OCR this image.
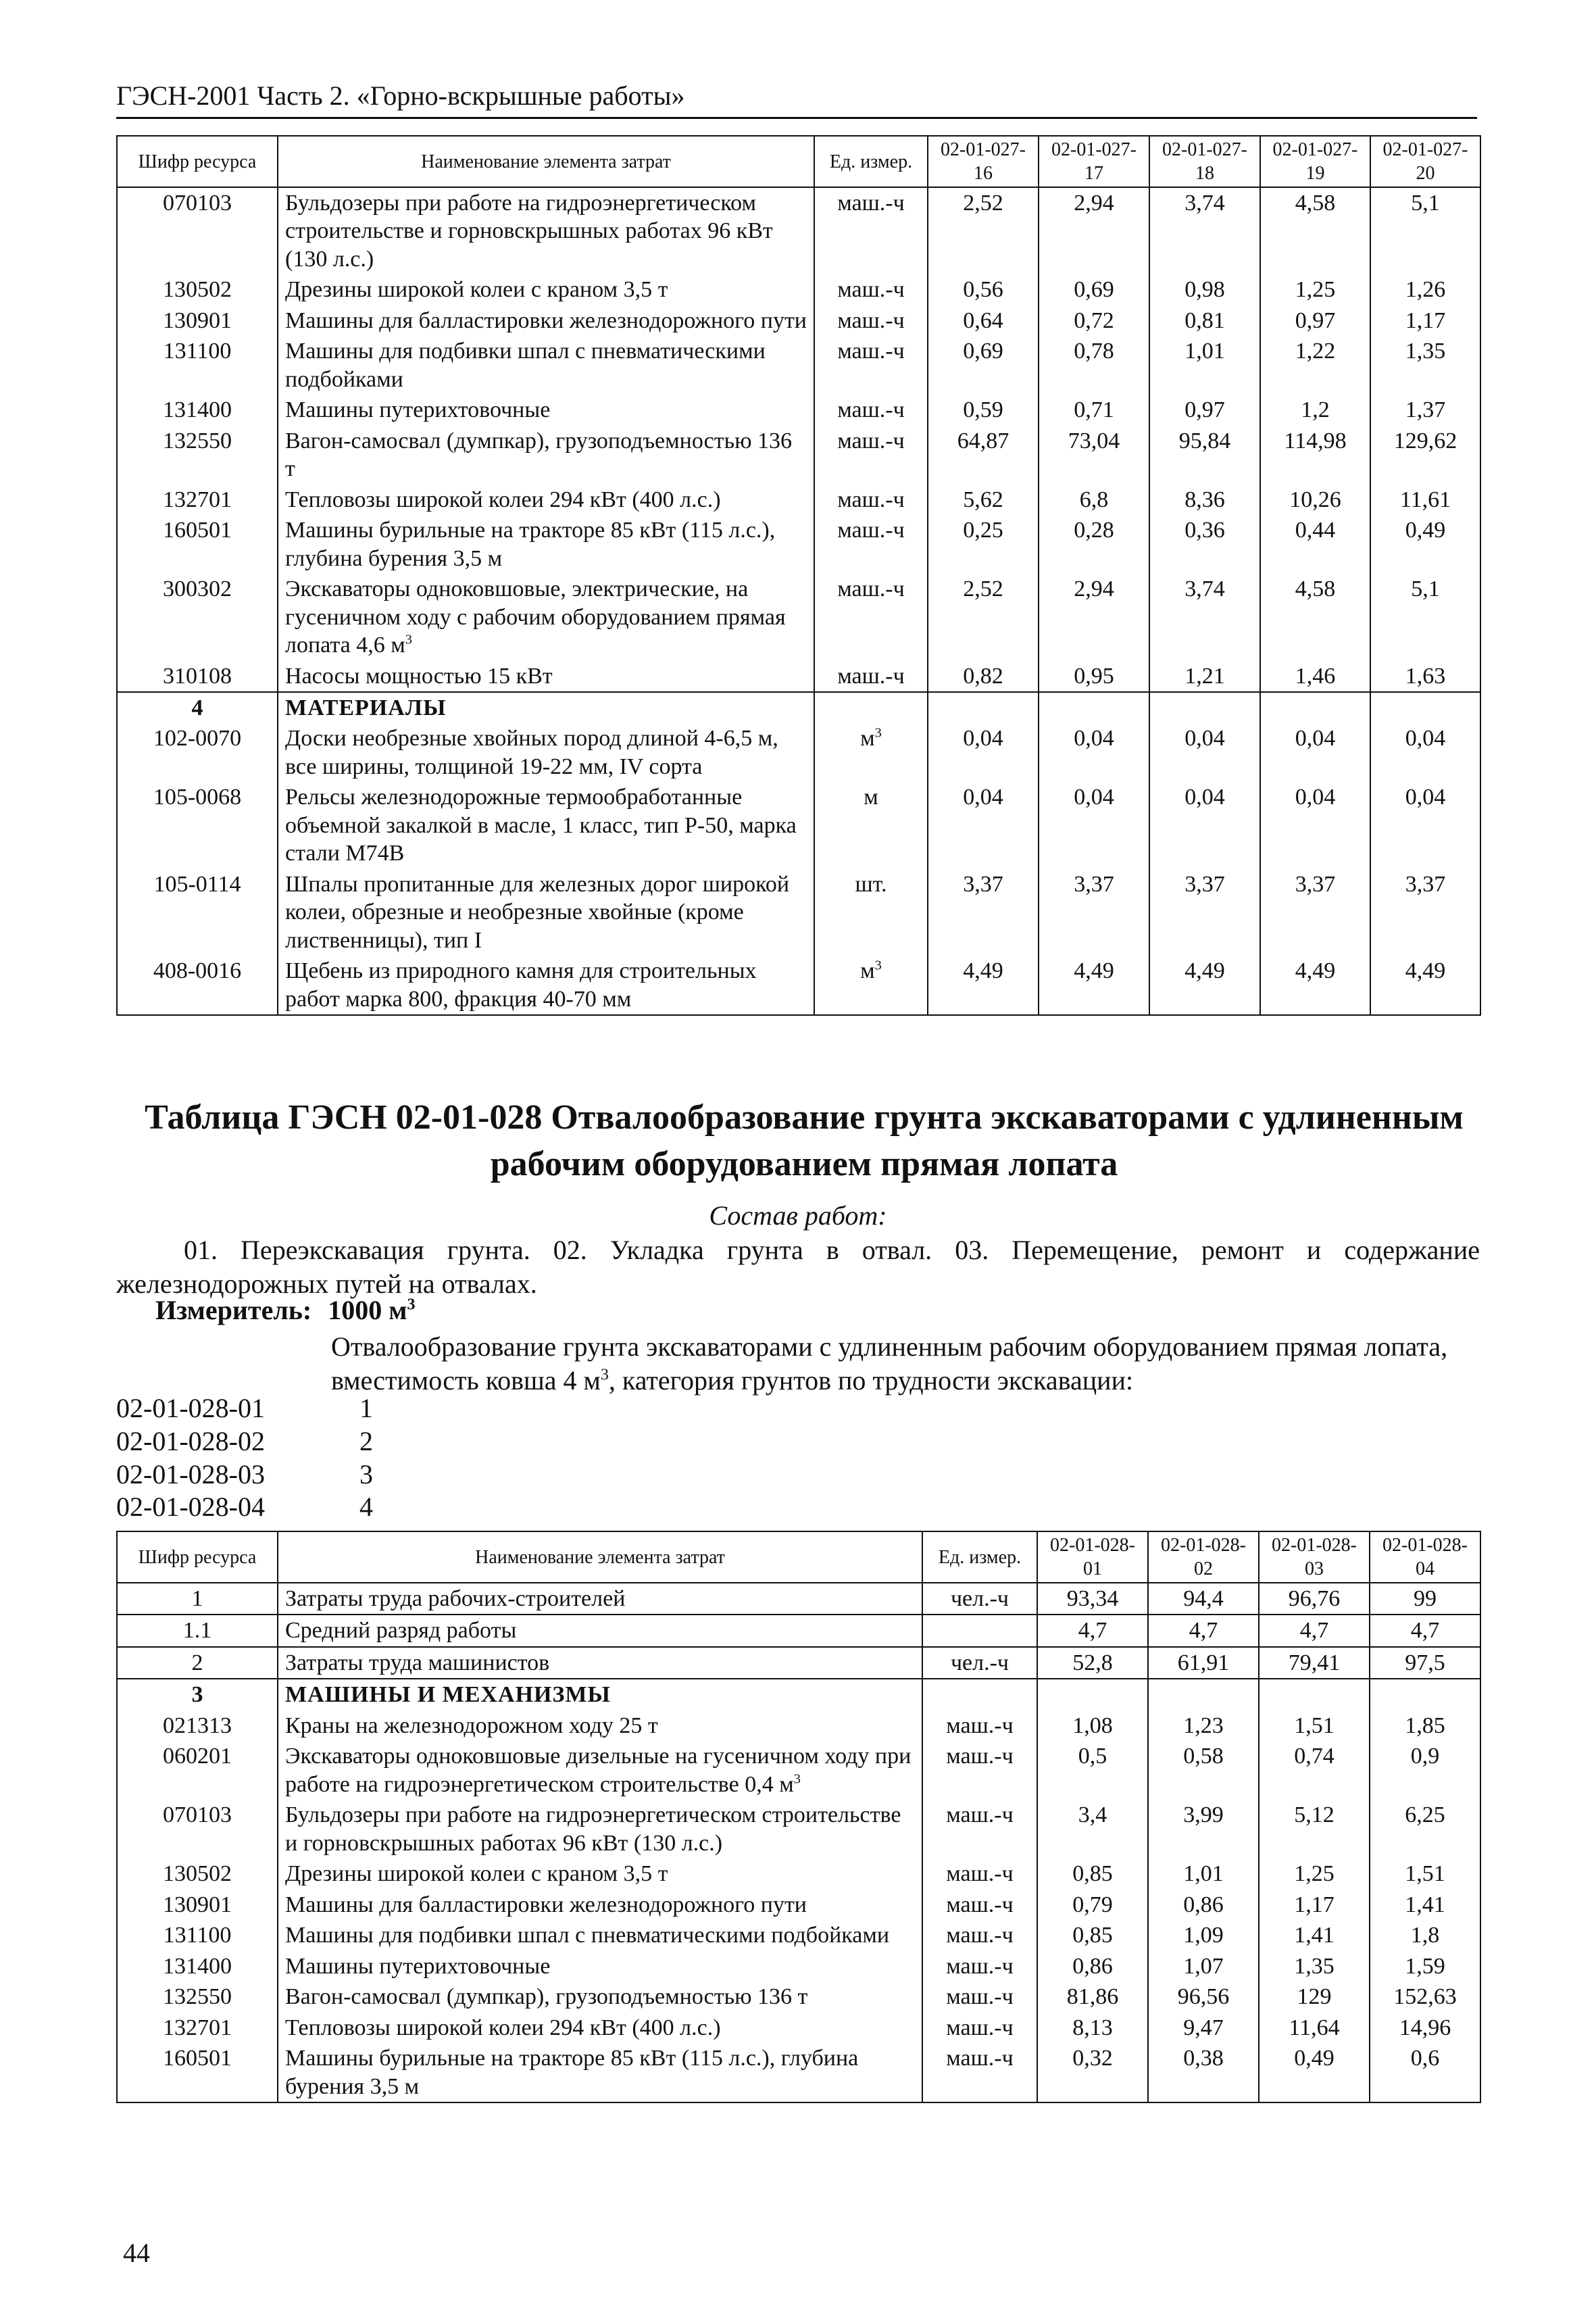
ГЭСН-2001 Часть 2. «Горно-вскрышные работы»
Шифр ресурса	Наименование элемента затрат	Ед. измер.	02-01-027-16	02-01-027-17	02-01-027-18	02-01-027-19	02-01-027-20
070103	Бульдозеры при работе на гидроэнергетическом строительстве и горновскрышных работах 96 кВт (130 л.с.)	маш.-ч	2,52	2,94	3,74	4,58	5,1
130502	Дрезины широкой колеи с краном 3,5 т	маш.-ч	0,56	0,69	0,98	1,25	1,26
130901	Машины для балластировки железнодорожного пути	маш.-ч	0,64	0,72	0,81	0,97	1,17
131100	Машины для подбивки шпал с пневматическими подбойками	маш.-ч	0,69	0,78	1,01	1,22	1,35
131400	Машины путерихтовочные	маш.-ч	0,59	0,71	0,97	1,2	1,37
132550	Вагон-самосвал (думпкар), грузоподъемностью 136 т	маш.-ч	64,87	73,04	95,84	114,98	129,62
132701	Тепловозы широкой колеи 294 кВт (400 л.с.)	маш.-ч	5,62	6,8	8,36	10,26	11,61
160501	Машины бурильные на тракторе 85 кВт (115 л.с.), глубина бурения 3,5 м	маш.-ч	0,25	0,28	0,36	0,44	0,49
300302	Экскаваторы одноковшовые, электрические, на гусеничном ходу с рабочим оборудованием прямая лопата 4,6 $м^3$	маш.-ч	2,52	2,94	3,74	4,58	5,1
310108	Насосы мощностью 15 кВт	маш.-ч	0,82	0,95	1,21	1,46	1,63
4	МАТЕРИАЛЫ						
102-0070	Доски необрезные хвойных пород длиной 4-6,5 м, все ширины, толщиной 19-22 мм, IV сорта	$м^3$	0,04	0,04	0,04	0,04	0,04
105-0068	Рельсы железнодорожные термообработанные объемной закалкой в масле, 1 класс, тип Р-50, марка стали М74В	м	0,04	0,04	0,04	0,04	0,04
105-0114	Шпалы пропитанные для железных дорог широкой колеи, обрезные и необрезные хвойные (кроме лиственницы), тип I	шт.	3,37	3,37	3,37	3,37	3,37
408-0016	Щебень из природного камня для строительных работ марка 800, фракция 40-70 мм	$м^3$	4,49	4,49	4,49	4,49	4,49
Таблица ГЭСН 02-01-028 Отвалообразование грунта экскаваторами с удлиненным рабочим оборудованием прямая лопата
Состав работ:
01. Переэкскавация грунта. 02. Укладка грунта в отвал. 03. Перемещение, ремонт и содержание железнодорожных путей на отвалах.
Измеритель: 1000 $м^3$
Отвалообразование грунта экскаваторами с удлиненным рабочим оборудованием прямая лопата, вместимость ковша 4 $м^3$, категория грунтов по трудности экскавации:
02-01-028-01	1
02-01-028-02	2
02-01-028-03	3
02-01-028-04	4
Шифр ресурса	Наименование элемента затрат	Ед. измер.	02-01-028-01	02-01-028-02	02-01-028-03	02-01-028-04
1	Затраты труда рабочих-строителей	чел.-ч	93,34	94,4	96,76	99
1.1	Средний разряд работы		4,7	4,7	4,7	4,7
2	Затраты труда машинистов	чел.-ч	52,8	61,91	79,41	97,5
3	МАШИНЫ И МЕХАНИЗМЫ					
021313	Краны на железнодорожном ходу 25 т	маш.-ч	1,08	1,23	1,51	1,85
060201	Экскаваторы одноковшовые дизельные на гусеничном ходу при работе на гидроэнергетическом строительстве 0,4 $м^3$	маш.-ч	0,5	0,58	0,74	0,9
070103	Бульдозеры при работе на гидроэнергетическом строительстве и горновскрышных работах 96 кВт (130 л.с.)	маш.-ч	3,4	3,99	5,12	6,25
130502	Дрезины широкой колеи с краном 3,5 т	маш.-ч	0,85	1,01	1,25	1,51
130901	Машины для балластировки железнодорожного пути	маш.-ч	0,79	0,86	1,17	1,41
131100	Машины для подбивки шпал с пневматическими подбойками	маш.-ч	0,85	1,09	1,41	1,8
131400	Машины путерихтовочные	маш.-ч	0,86	1,07	1,35	1,59
132550	Вагон-самосвал (думпкар), грузоподъемностью 136 т	маш.-ч	81,86	96,56	129	152,63
132701	Тепловозы широкой колеи 294 кВт (400 л.с.)	маш.-ч	8,13	9,47	11,64	14,96
160501	Машины бурильные на тракторе 85 кВт (115 л.с.), глубина бурения 3,5 м	маш.-ч	0,32	0,38	0,49	0,6
44
